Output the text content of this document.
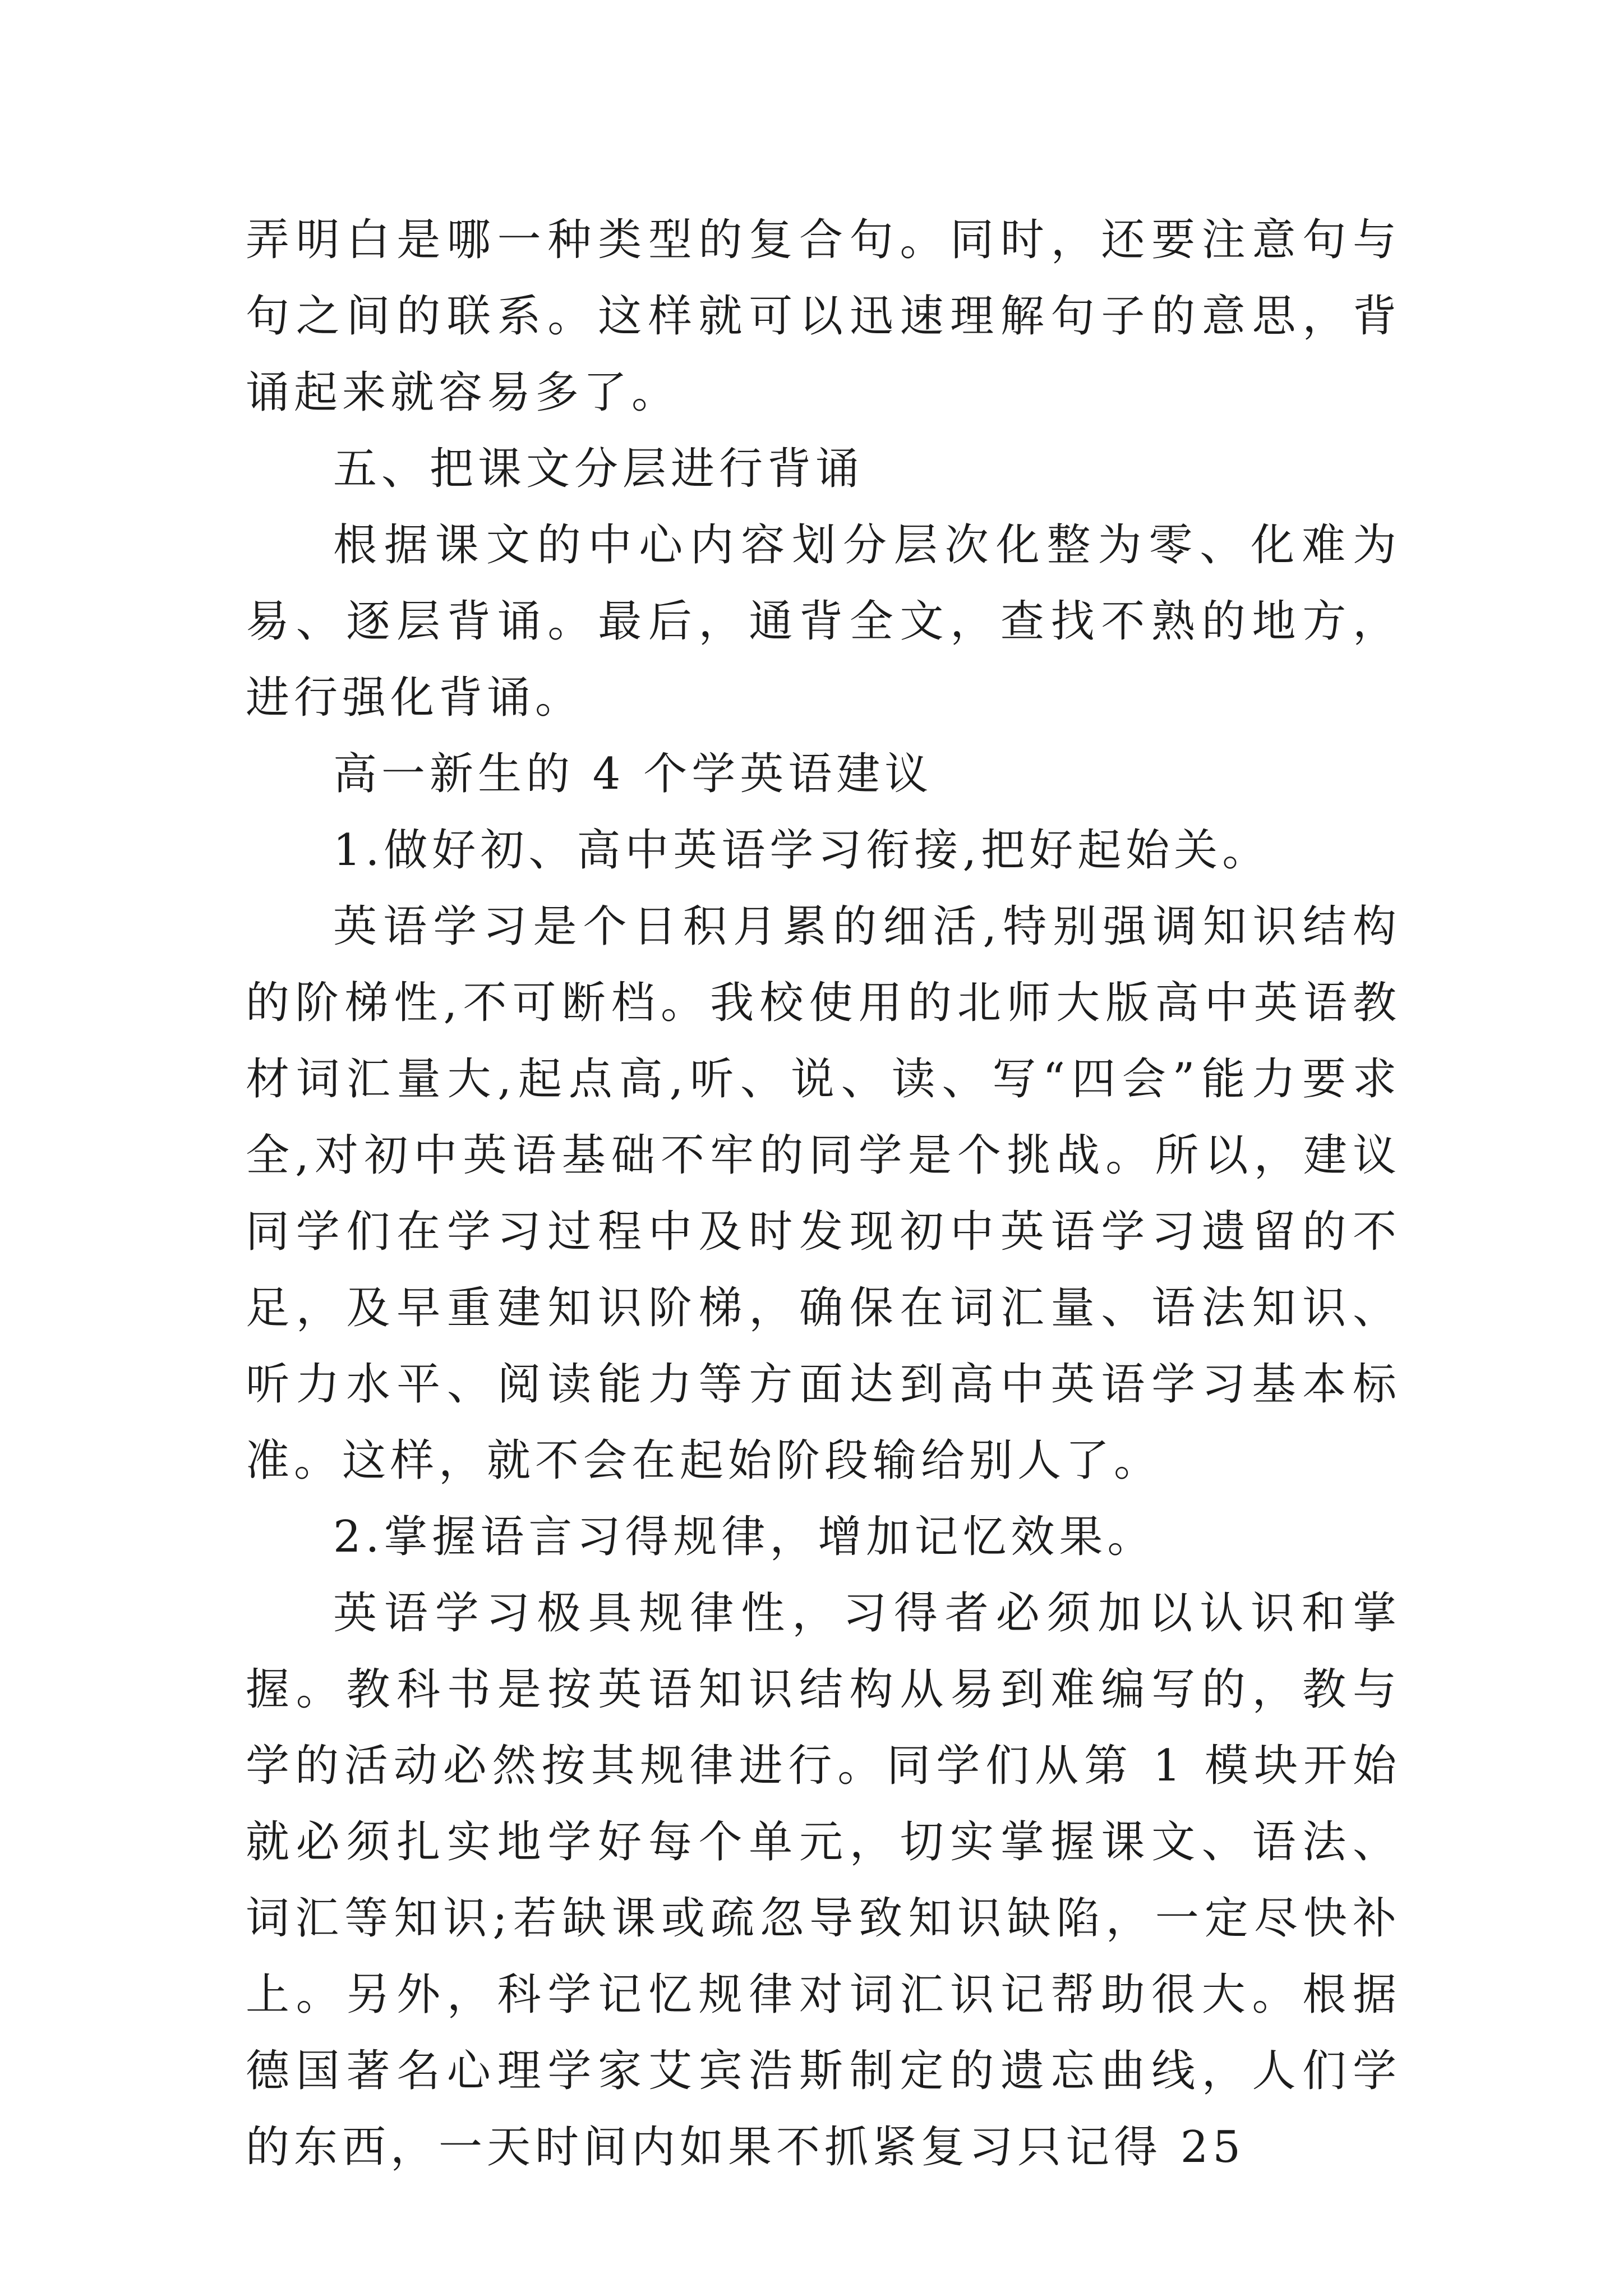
弄明白是哪一种类型的复合句。同时，还要注意句与句之间的联系。这样就可以迅速理解句子的意思，背诵起来就容易多了。

五、把课文分层进行背诵

根据课文的中心内容划分层次化整为零、化难为易、逐层背诵。最后，通背全文，查找不熟的地方，进行强化背诵。

高一新生的 4 个学英语建议

1.做好初、高中英语学习衔接,把好起始关。

英语学习是个日积月累的细活,特别强调知识结构的阶梯性,不可断档。我校使用的北师大版高中英语教材词汇量大,起点高,听、说、读、写“四会”能力要求全,对初中英语基础不牢的同学是个挑战。所以，建议同学们在学习过程中及时发现初中英语学习遗留的不足，及早重建知识阶梯，确保在词汇量、语法知识、听力水平、阅读能力等方面达到高中英语学习基本标准。这样，就不会在起始阶段输给别人了。

2.掌握语言习得规律，增加记忆效果。

英语学习极具规律性，习得者必须加以认识和掌握。教科书是按英语知识结构从易到难编写的，教与学的活动必然按其规律进行。同学们从第 1 模块开始就必须扎实地学好每个单元，切实掌握课文、语法、词汇等知识;若缺课或疏忽导致知识缺陷，一定尽快补上。另外，科学记忆规律对词汇识记帮助很大。根据德国著名心理学家艾宾浩斯制定的遗忘曲线，人们学的东西，一天时间内如果不抓紧复习只记得 25
